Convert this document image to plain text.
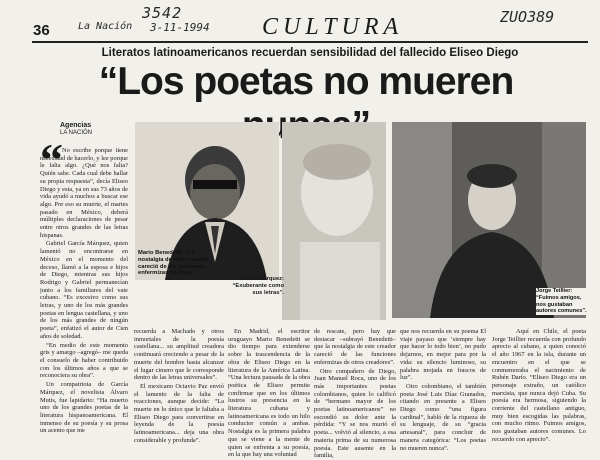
3542
La Nación 3-11-1994
36	CULTURA	ZUO389
Literatos latinoamericanos recuerdan sensibilidad del fallecido Eliseo Diego
“Los poetas no mueren
Agencias
LA NACIÓN
“ No escribe porque tiene necesidad de hacerlo, y lee porque le falta algo. ¿Qué nos falta? Quién sabe. Cada cual debe hallar su propia respuesta”, decía Eliseo Diego y esta, ya en sus 73 años de vida ayudó a muchos a buscar ese algo. Por eso su muerte, el martes pasado en México, deberá múltiples declaraciones de pesar entre otros grandes de las letras hispanas.

Gabriel García Márquez, quien lamentó no encontrarse en México en el momento del deceso, llamó a la esposa e hijos de Diego, mientras sus hijos Rodrigo y Gabriel permanecían junto a los familiares del vate cubano. “Es excesivo como sus letras, y uno de los más grandes poetas en lengua castellana, y uno de los más grandes de ningún poeta”, enfatizó el autor de Cien años de soledad.

“En medio de este momento gris y amargo –agregó– me queda el consuelo de haber contribuido con los últimos años a que se reconociera su obra”.

Un compatriota de García Márquez, el novelista Álvaro Mutis, fue lapidario: “Ha muerto uno de los grandes poetas de la literatura hispanoamericana. El inmenso de su poesía y su prosa un acento que me

Mario Benedetti: “La nostalgia de este creador careció de las funciones enfermizas de otros”.
García Márquez: “Exuberante como sus letras”.	Jorge Teillier: “Fuimos amigos, nos gustaban autores comunes”.

recuerda a Machado y otros inmortales de la poesía castellana... su amplitud creadora continuará creciendo a pesar de la muerte del hombre hasta alcanzar el lugar cimero que le corresponde dentro de las letras universales”.

El mexicano Octavio Paz envió el lamento de la falta de reacciones, aunque decide: “La muerte en lo único que le faltaba a Eliseo Diego para convertirse en leyenda de la poesía latinoamericana... deja una obra considerable y profunda”.

En Madrid, el escritor uruguayo Mario Benedetti se dio tiempo para extenderse sobre la trascendencia de la obra de Eliseo Diego en la literatura de la América Latina. “Una lectura pausada de la obra poética de Eliseo permite confirmar que en los últimos lustros su presencia en la literatura cubana y latinoamericana es todo un hilo conductor común a ambas. Nostalgia es la primera palabra que se viene a la mente de quien se enfrenta a su poesía, en la que hay una voluntad

de rescate, pero hay que destacar –subrayó Benedetti– que la nostalgia de este creador careció de las funciones enfermizas de otros creadores”.

Otro compañero de Diego, Juan Manuel Roca, uno de los más importantes poetas colombianos, quien lo calificó de “hermano mayor de los poetas latinoamericanos” no escondió su dolor ante la pérdida: “Y se nos murió el poeta... volvió al silencio, a esa materia prima de su numerosa poesía. Este ausente en la familia,

que nos recuerda en su poema El viaje payaso que ‘siempre hay que hacer lo todo bien’, no pudo dejarnos, en mejor para por la vida: su silencio luminoso, su palabra mojada en frascos de luz”.

Otro colombiano, el también poeta José Luis Díaz Granados, citando en presente a Eliseo Diego como “una figura cardinal”, habló de la riqueza de su lenguaje, de su “gracia artesanal”, para concluir de manera categórica: “Los poetas no mueren nunca”.

Aquí en Chile, el poeta Jorge Teillier recuerda con profundo aprecio al cubano, a quien conoció el año 1967 en la isla, durante un encuentro en el que se conmemoraba el nacimiento de Rubén Darío. “Eliseo Diego era un personaje extraño, un católico marxista, que nunca dejó Cuba. Su poesía era hermosa, siguiendo la corriente del castellano antiguo, muy bien escogidas las palabras, con mucho ritmo. Fuimos amigos, nos gustaban autores comunes. Lo recuerdo con aprecio”.
